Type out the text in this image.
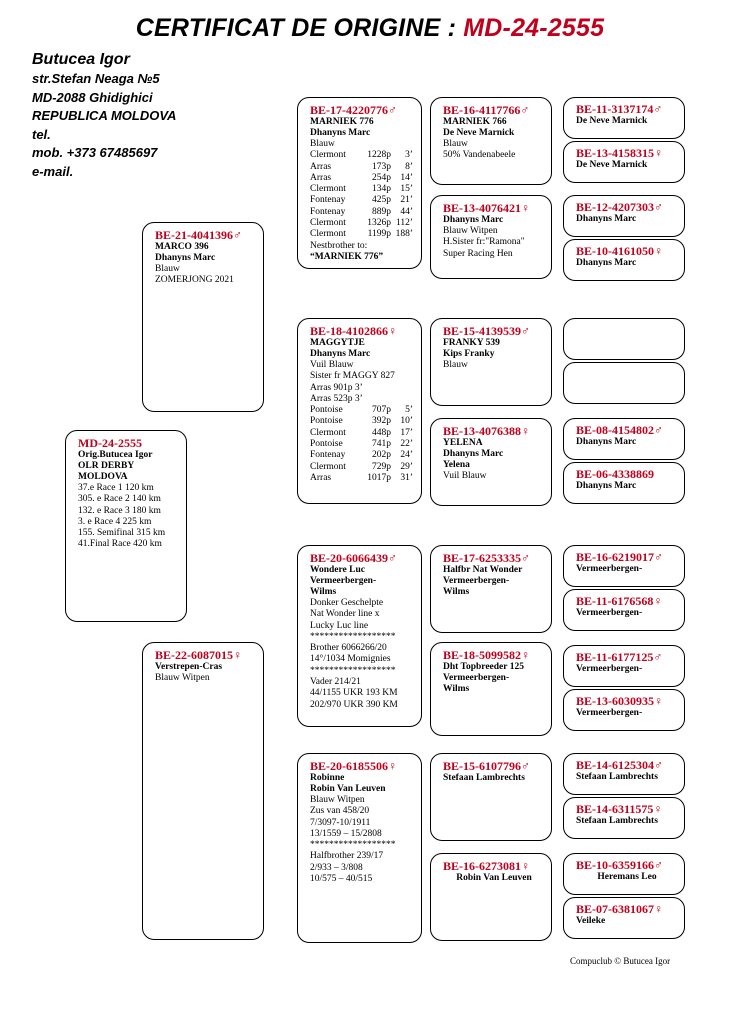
CERTIFICAT DE ORIGINE : MD-24-2555
Butucea Igor
str.Stefan Neaga №5
MD-2088 Ghidighici
REPUBLICA MOLDOVA
tel.
mob. +373 67485697
e-mail.
MD-24-2555
Orig.Butucea Igor
OLR DERBY
MOLDOVA
37.e Race 1 120 km
305. e Race 2 140 km
132. e Race 3 180 km
3. e Race 4 225 km
155. Semifinal 315 km
41.Final Race 420 km
BE-21-4041396♂
MARCO 396
Dhanyns Marc
Blauw
ZOMERJONG 2021
BE-22-6087015♀
Verstrepen-Cras
Blauw Witpen
BE-17-4220776♂
MARNIEK 776
Dhanyns Marc
Blauw
Clermont	1228p	3’
Arras	173p	8’
Arras	254p 14’
Clermont	134p 15’
Fontenay	425p 21’
Fontenay	889p 44’
Clermont	1326p 112’
Clermont	1199p 188’
Nestbrother to:
“MARNIEK 776”
BE-18-4102866♀
MAGGYTJE
Dhanyns Marc
Vuil Blauw
Sister fr MAGGY 827
Arras 901p 3’
Arras 523p 3’
Pontoise	707p	5’
Pontoise	392p 10’
Clermont	448p 17’
Pontoise	741p 22’
Fontenay	202p 24’
Clermont	729p 29’
Arras	1017p 31’
BE-20-6066439♂
Wondere Luc
Vermeerbergen-
Wilms
Donker Geschelpte
Nat Wonder line x
Lucky Luc line
******************
Brother 6066266/20
14°/1034 Momignies
******************
Vader 214/21
44/1155 UKR 193 KM
202/970 UKR 390 KM
BE-20-6185506♀
Robinne
Robin Van Leuven
Blauw Witpen
Zus van 458/20
7/3097-10/1911
13/1559 – 15/2808
******************
Halfbrother 239/17
2/933 – 3/808
10/575 – 40/515
BE-16-4117766♂
MARNIEK 766
De Neve Marnick
Blauw
50% Vandenabeele
BE-13-4076421♀
Dhanyns Marc
Blauw Witpen
H.Sister fr:"Ramona"
Super Racing Hen
BE-15-4139539♂
FRANKY 539
Kips Franky
Blauw
BE-13-4076388♀
YELENA
Dhanyns Marc
Yelena
Vuil Blauw
BE-17-6253335♂
Halfbr Nat Wonder
Vermeerbergen-
Wilms
BE-18-5099582♀
Dht Topbreeder 125
Vermeerbergen-
Wilms
BE-15-6107796♂
Stefaan Lambrechts
BE-16-6273081♀
Robin Van Leuven
BE-11-3137174♂
De Neve Marnick
BE-13-4158315♀
De Neve Marnick
BE-12-4207303♂
Dhanyns Marc
BE-10-4161050♀
Dhanyns Marc
BE-08-4154802♂
Dhanyns Marc
BE-06-4338869
Dhanyns Marc
BE-16-6219017♂
Vermeerbergen-
BE-11-6176568♀
Vermeerbergen-
BE-11-6177125♂
Vermeerbergen-
BE-13-6030935♀
Vermeerbergen-
BE-14-6125304♂
Stefaan Lambrechts
BE-14-6311575♀
Stefaan Lambrechts
BE-10-6359166♂
Heremans Leo
BE-07-6381067♀
Veileke
Compuclub © Butucea Igor
